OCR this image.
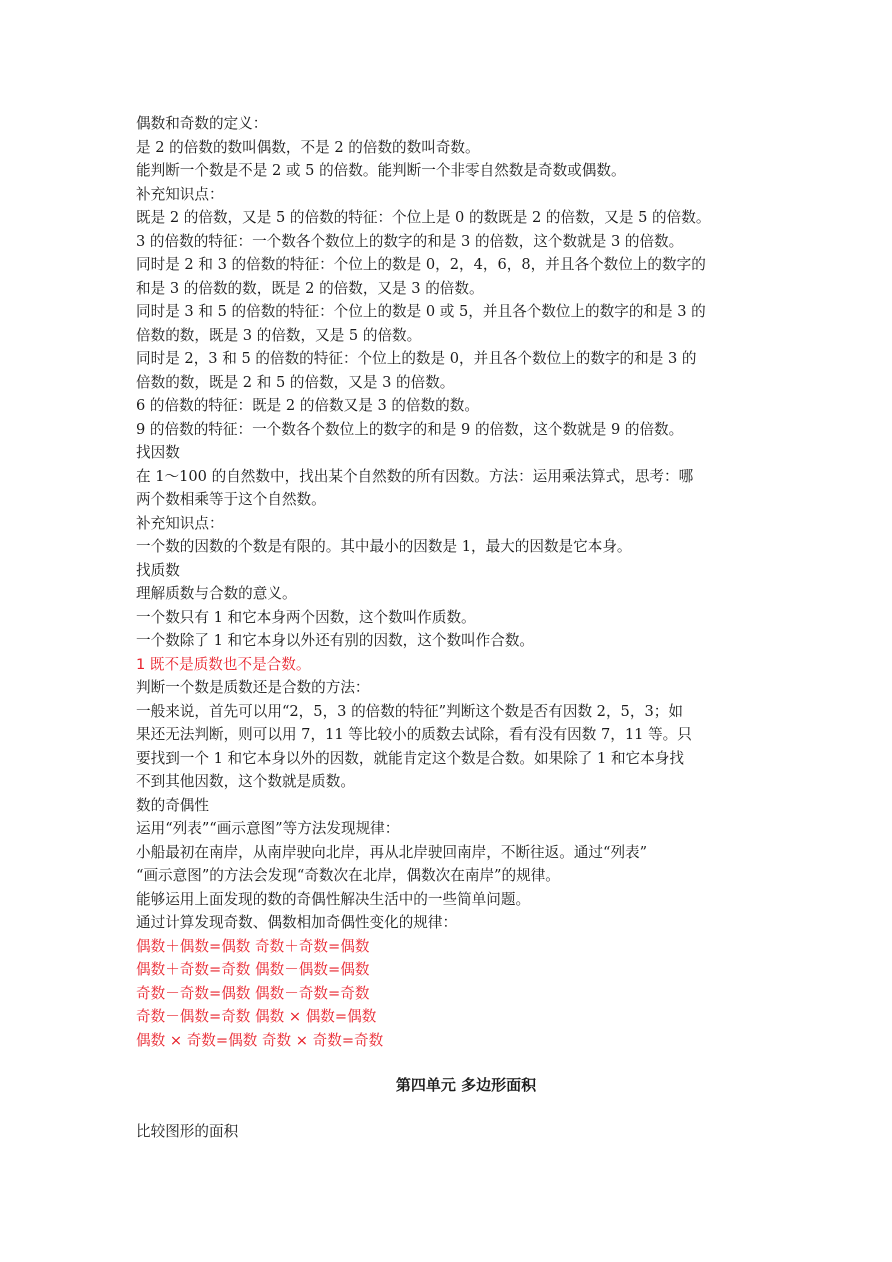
偶数和奇数的定义：
是 2 的倍数的数叫偶数，不是 2 的倍数的数叫奇数。
能判断一个数是不是 2 或 5 的倍数。能判断一个非零自然数是奇数或偶数。
补充知识点：
既是 2 的倍数，又是 5 的倍数的特征：个位上是 0 的数既是 2 的倍数，又是 5 的倍数。
3 的倍数的特征：一个数各个数位上的数字的和是 3 的倍数，这个数就是 3 的倍数。
同时是 2 和 3 的倍数的特征：个位上的数是 0，2，4，6，8，并且各个数位上的数字的
和是 3 的倍数的数，既是 2 的倍数，又是 3 的倍数。
同时是 3 和 5 的倍数的特征：个位上的数是 0 或 5，并且各个数位上的数字的和是 3 的
倍数的数，既是 3 的倍数，又是 5 的倍数。
同时是 2，3 和 5 的倍数的特征：个位上的数是 0，并且各个数位上的数字的和是 3 的
倍数的数，既是 2 和 5 的倍数，又是 3 的倍数。
6 的倍数的特征：既是 2 的倍数又是 3 的倍数的数。
9 的倍数的特征：一个数各个数位上的数字的和是 9 的倍数，这个数就是 9 的倍数。
找因数
在 1～100 的自然数中，找出某个自然数的所有因数。方法：运用乘法算式，思考：哪
两个数相乘等于这个自然数。
补充知识点：
一个数的因数的个数是有限的。其中最小的因数是 1，最大的因数是它本身。
找质数
理解质数与合数的意义。
一个数只有 1 和它本身两个因数，这个数叫作质数。
一个数除了 1 和它本身以外还有别的因数，这个数叫作合数。
1 既不是质数也不是合数。
判断一个数是质数还是合数的方法：
一般来说，首先可以用“2，5，3 的倍数的特征”判断这个数是否有因数 2，5，3；如
果还无法判断，则可以用 7，11 等比较小的质数去试除，看有没有因数 7，11 等。只
要找到一个 1 和它本身以外的因数，就能肯定这个数是合数。如果除了 1 和它本身找
不到其他因数，这个数就是质数。
数的奇偶性
运用“列表”“画示意图”等方法发现规律：
小船最初在南岸，从南岸驶向北岸，再从北岸驶回南岸，不断往返。通过“列表”
“画示意图”的方法会发现“奇数次在北岸，偶数次在南岸”的规律。
能够运用上面发现的数的奇偶性解决生活中的一些简单问题。
通过计算发现奇数、偶数相加奇偶性变化的规律：
偶数＋偶数=偶数 奇数＋奇数=偶数
偶数＋奇数=奇数 偶数－偶数=偶数
奇数－奇数=偶数 偶数－奇数=奇数
奇数－偶数=奇数 偶数 × 偶数=偶数
偶数 × 奇数=偶数 奇数 × 奇数=奇数
第四单元 多边形面积
比较图形的面积
